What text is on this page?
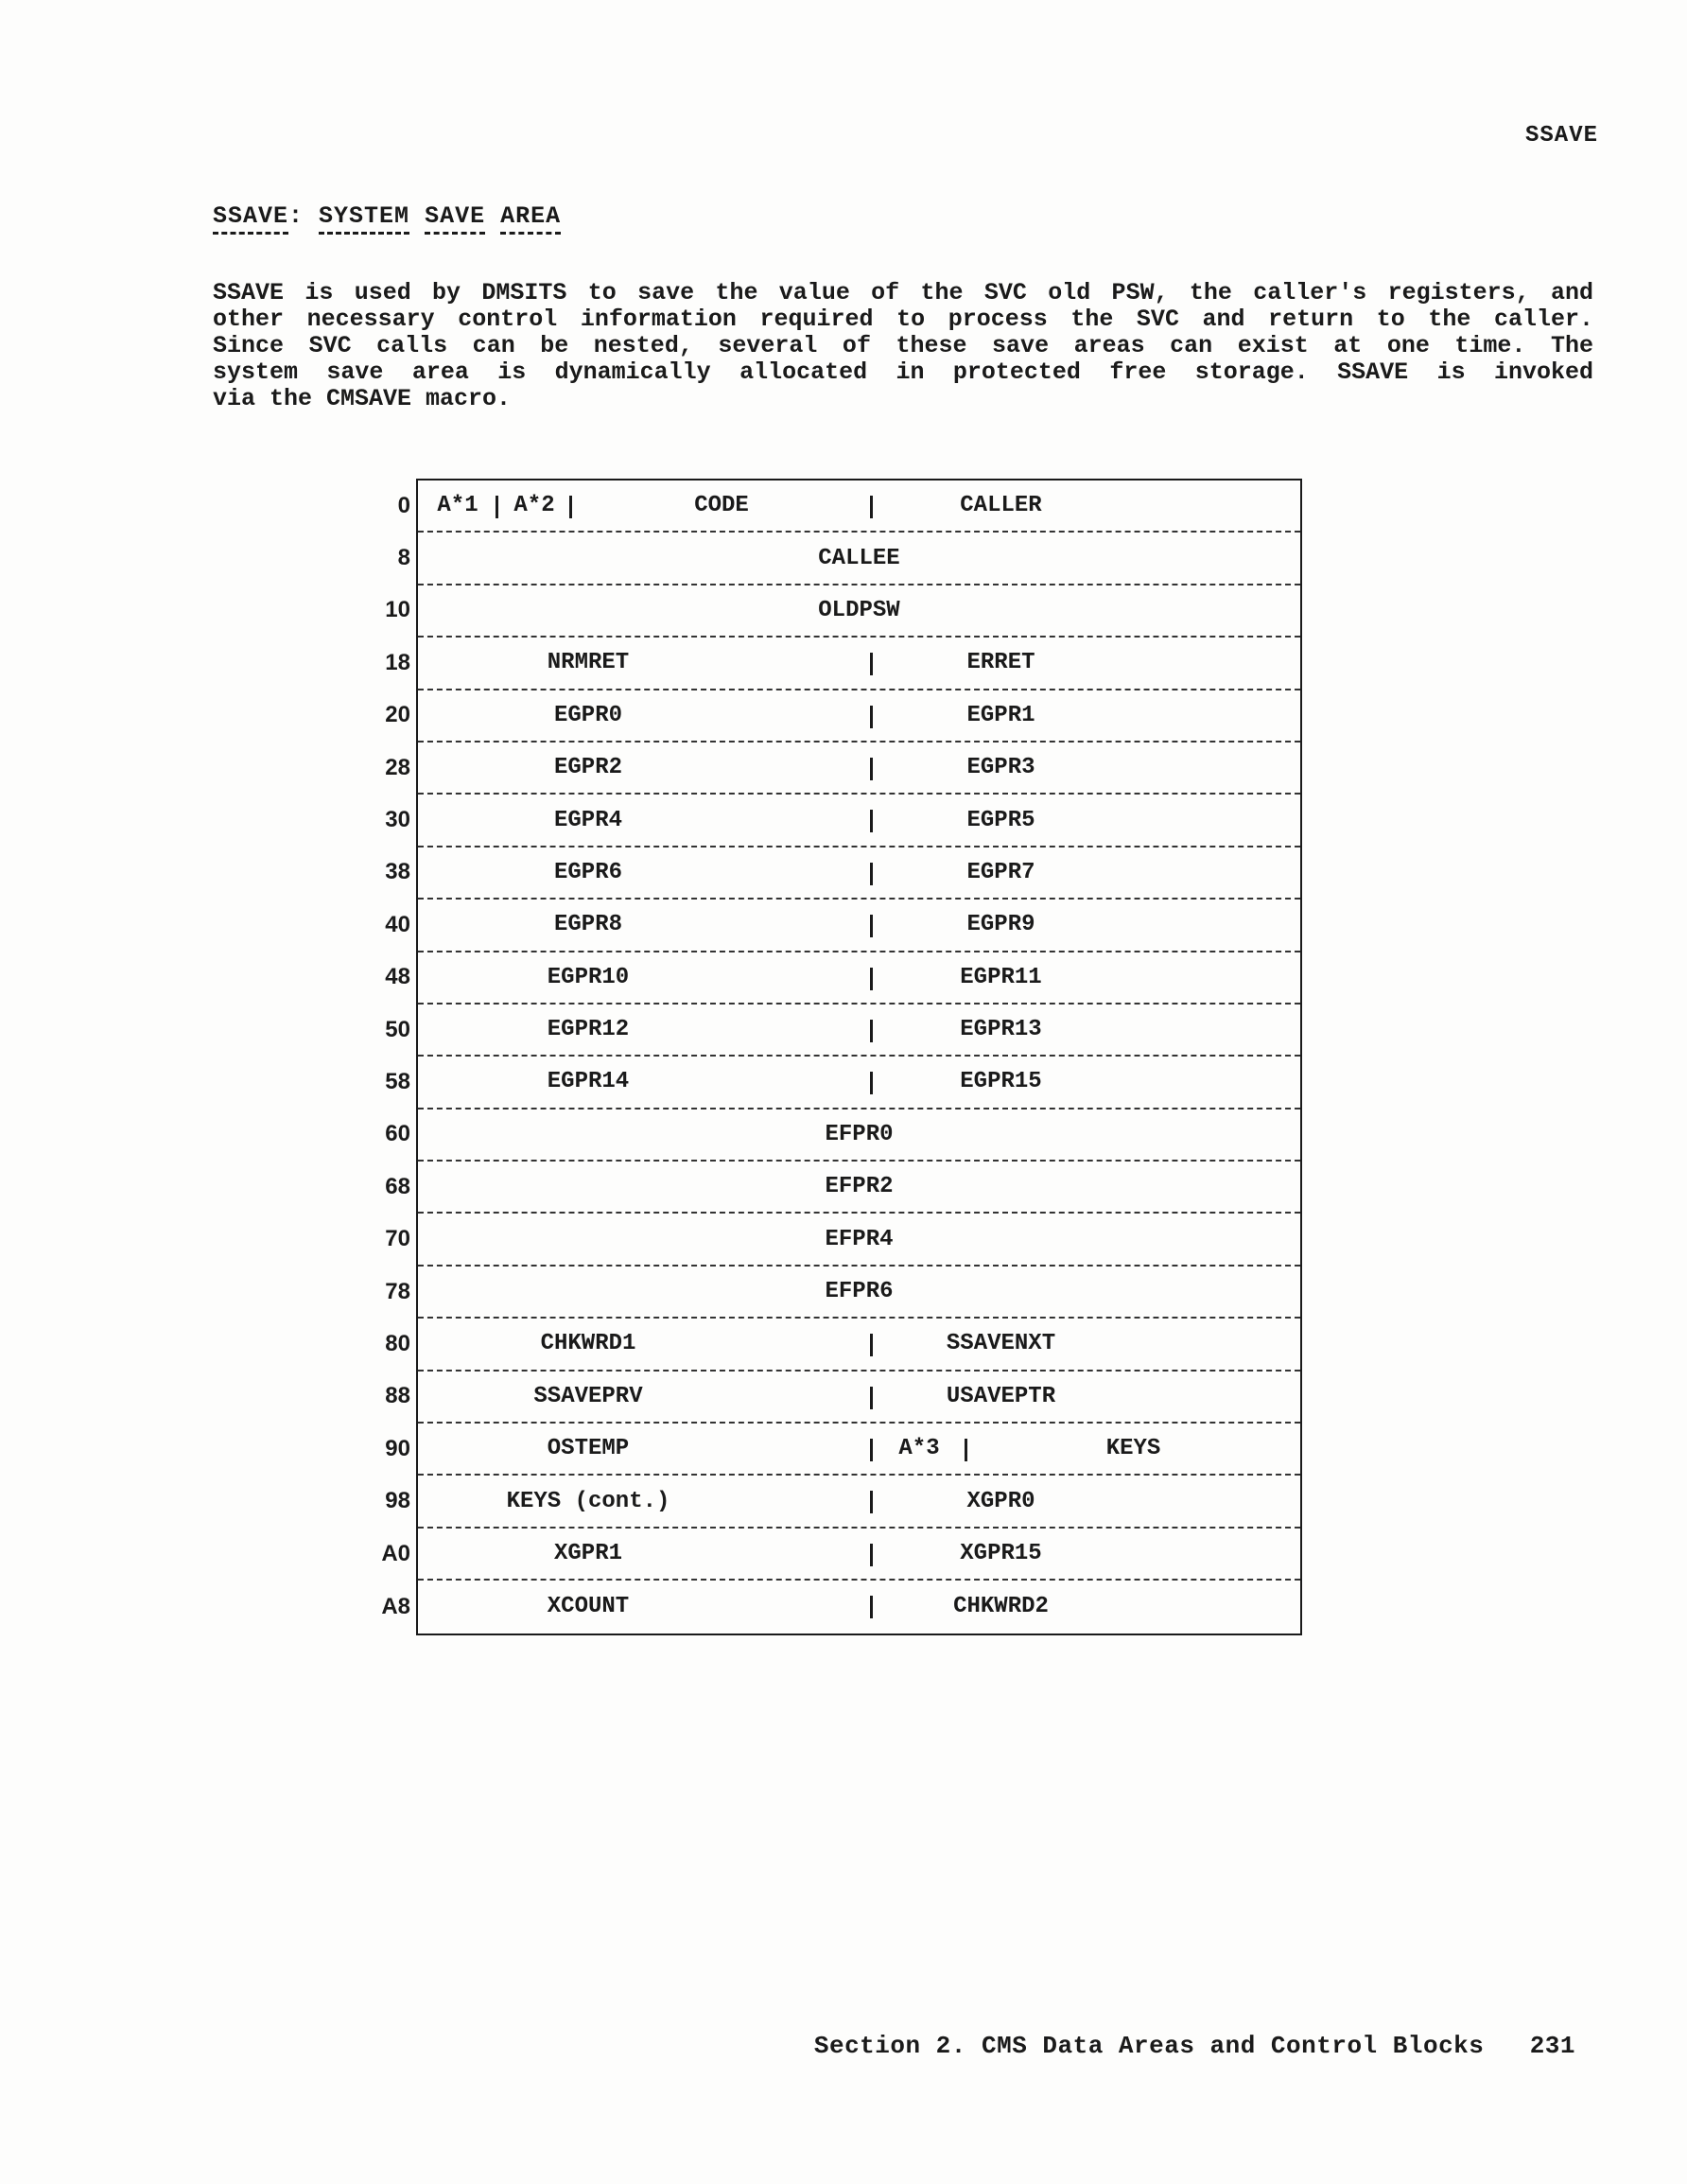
SSAVE
SSAVE: SYSTEM SAVE AREA
SSAVE is used by DMSITS to save the value of the SVC old PSW, the caller's registers, and
other necessary control information required to process the SVC and return to the caller.
Since SVC calls can be nested, several of these save areas can exist at one time. The
system save area is dynamically allocated in protected free storage. SSAVE is invoked
via the CMSAVE macro.
0	A*1	A*2	CODE	CALLER
8	CALLEE
10	OLDPSW
18	NRMRET	ERRET
20	EGPR0	EGPR1
28	EGPR2	EGPR3
30	EGPR4	EGPR5
38	EGPR6	EGPR7
40	EGPR8	EGPR9
48	EGPR10	EGPR11
50	EGPR12	EGPR13
58	EGPR14	EGPR15
60	EFPR0
68	EFPR2
70	EFPR4
78	EFPR6
80	CHKWRD1	SSAVENXT
88	SSAVEPRV	USAVEPTR
90	OSTEMP	A*3	KEYS
98	KEYS (cont.)	XGPR0
A0	XGPR1	XGPR15
A8	XCOUNT	CHKWRD2
Section 2. CMS Data Areas and Control Blocks 231
